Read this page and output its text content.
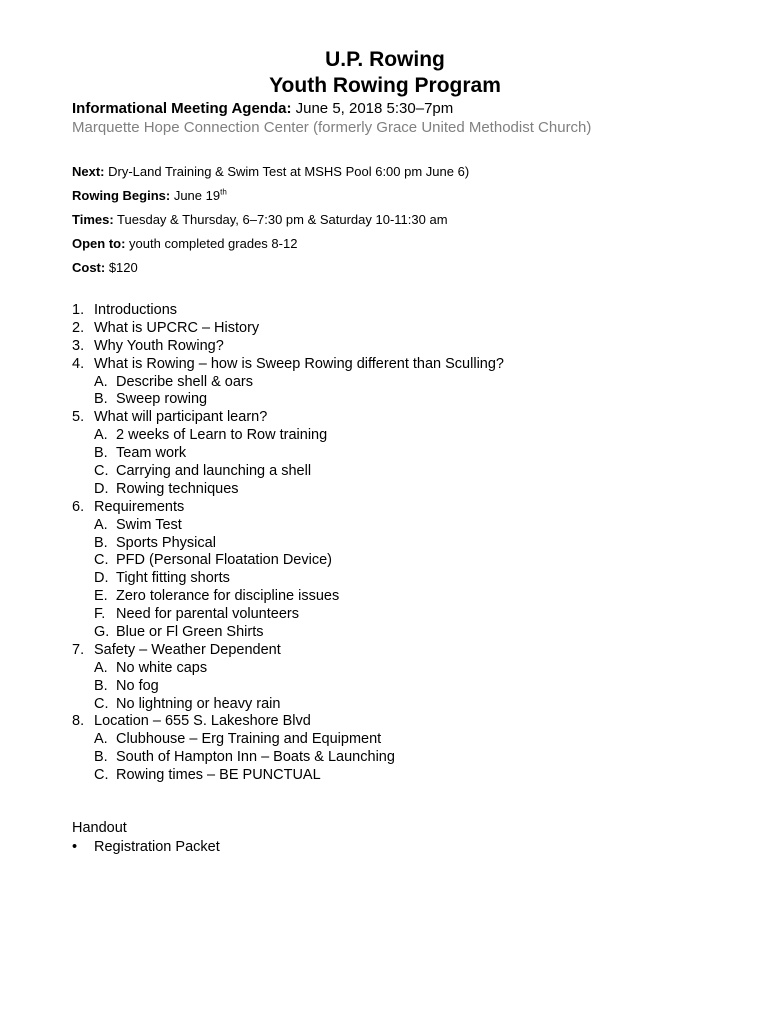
U.P. Rowing
Youth Rowing Program
Informational Meeting Agenda: June 5, 2018 5:30–7pm
Marquette Hope Connection Center (formerly Grace United Methodist Church)
Next: Dry-Land Training & Swim Test at MSHS Pool 6:00 pm June 6)
Rowing Begins: June 19th
Times: Tuesday & Thursday, 6–7:30 pm & Saturday 10-11:30 am
Open to: youth completed grades 8-12
Cost: $120
1. Introductions
2. What is UPCRC – History
3. Why Youth Rowing?
4. What is Rowing – how is Sweep Rowing different than Sculling?
A. Describe shell & oars
B. Sweep rowing
5. What will participant learn?
A. 2 weeks of Learn to Row training
B. Team work
C. Carrying and launching a shell
D. Rowing techniques
6. Requirements
A. Swim Test
B. Sports Physical
C. PFD (Personal Floatation Device)
D. Tight fitting shorts
E. Zero tolerance for discipline issues
F. Need for parental volunteers
G. Blue or Fl Green Shirts
7. Safety – Weather Dependent
A. No white caps
B. No fog
C. No lightning or heavy rain
8. Location – 655 S. Lakeshore Blvd
A. Clubhouse – Erg Training and Equipment
B. South of Hampton Inn – Boats & Launching
C. Rowing times – BE PUNCTUAL
Handout
• Registration Packet
